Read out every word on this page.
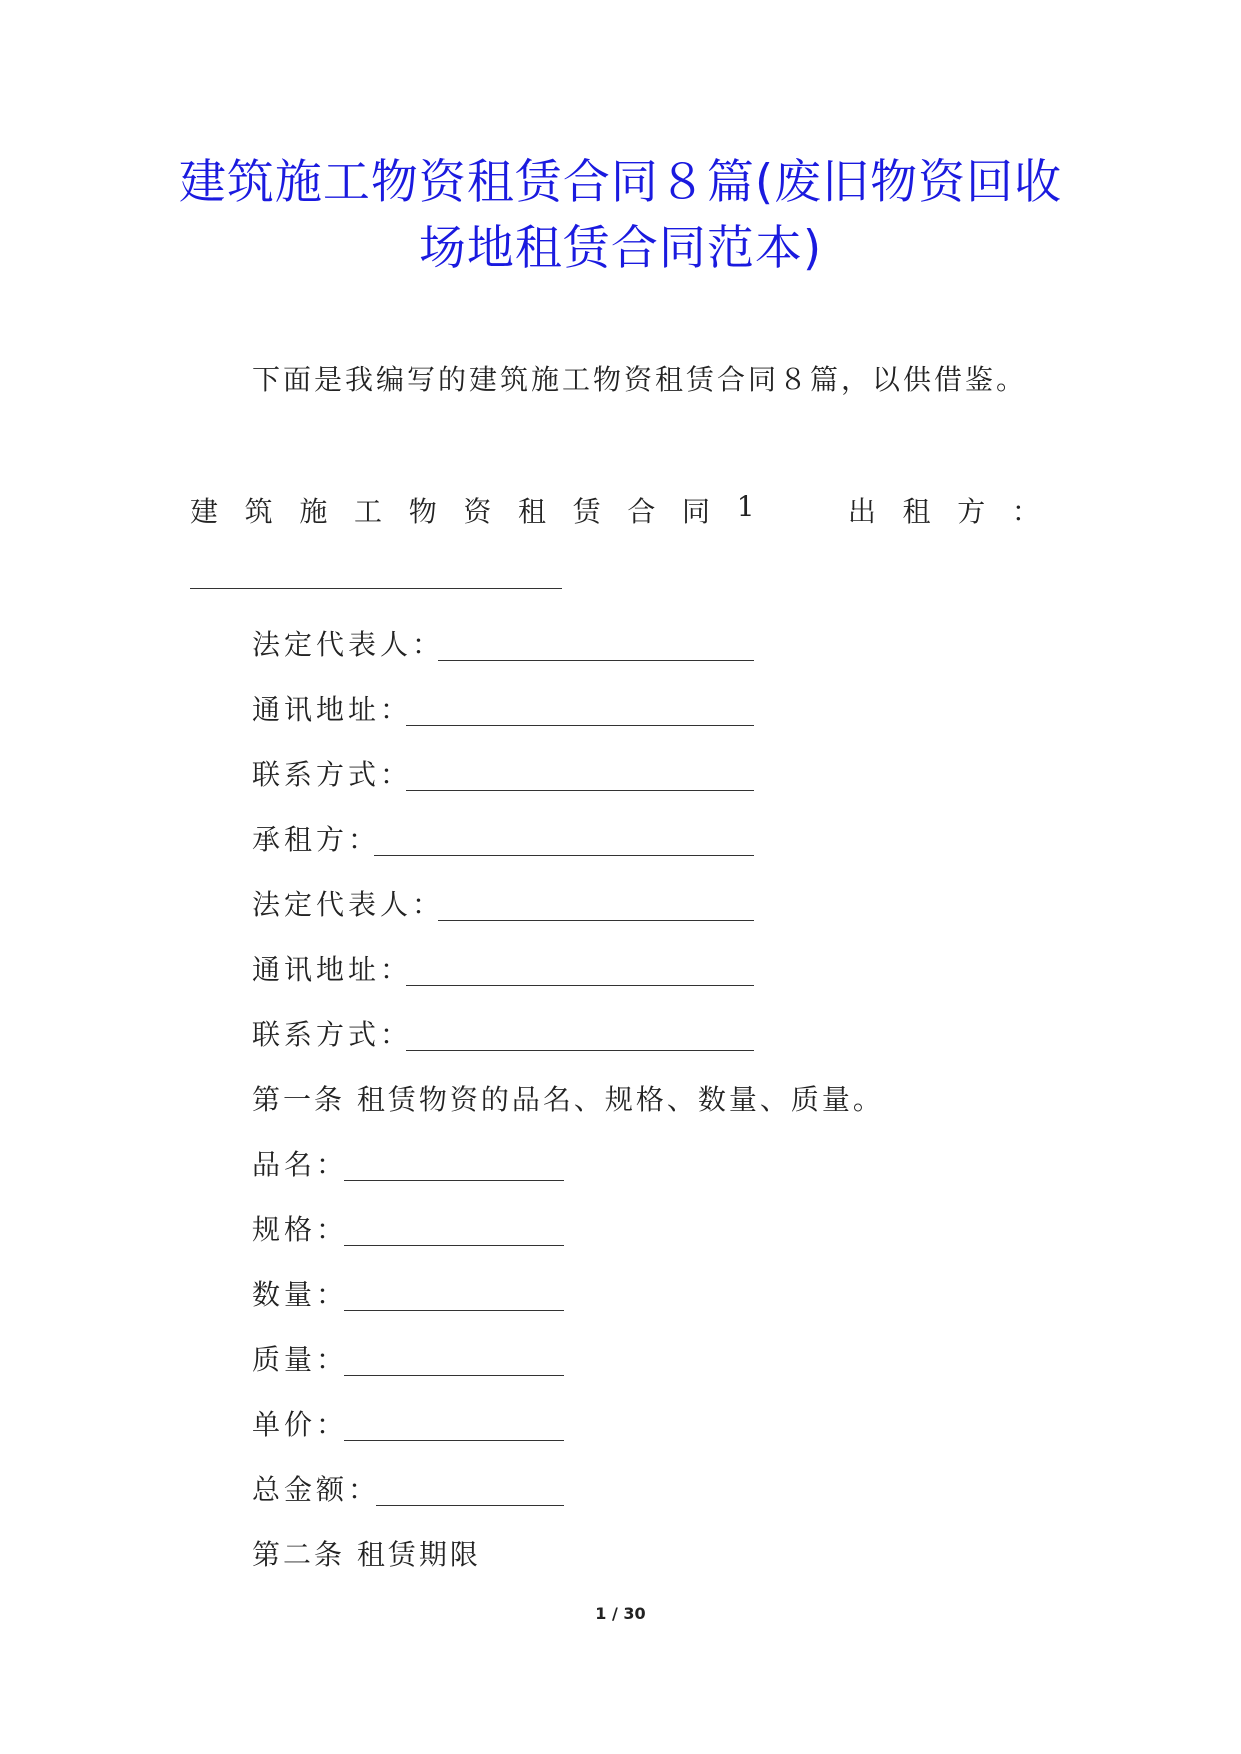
建筑施工物资租赁合同８篇(废旧物资回收
场地租赁合同范本)
下面是我编写的建筑施工物资租赁合同８篇，以供借鉴。
建 筑 施 工 物 资 租 赁 合 同 1	出 租 方 ：
法定代表人：
通讯地址：
联系方式：
承租方：
法定代表人：
通讯地址：
联系方式：
第一条 租赁物资的品名、规格、数量、质量。
品名：
规格：
数量：
质量：
单价：
总金额：
第二条 租赁期限
1 / 30
